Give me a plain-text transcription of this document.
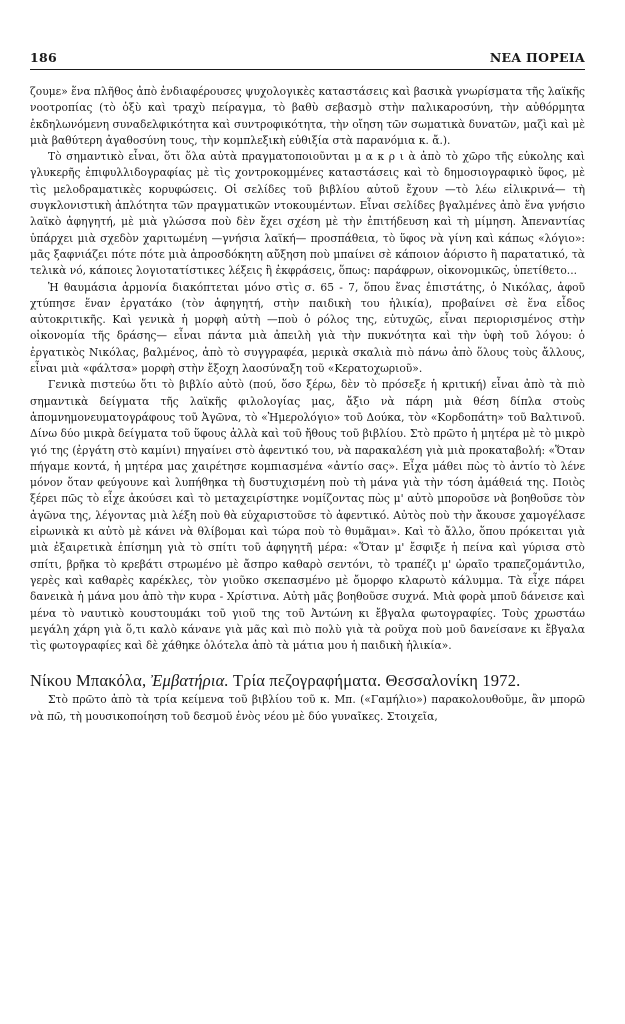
186	ΝΕΑ ΠΟΡΕΙΑ

ζουμε» ἕνα πλῆθος ἀπὸ ἐνδιαφέρουσες ψυχολογικὲς καταστάσεις καὶ βασικὰ γνωρίσματα τῆς λαϊκῆς νοοτροπίας (τὸ ὀξὺ καὶ τραχὺ πείραγμα, τὸ βαθὺ σεβασμὸ στὴν παλικαροσύνη, τὴν αὐθόρμητα ἐκδηλωνόμενη συναδελφικότητα καὶ συντροφικότητα, τὴν οἴηση τῶν σωματικὰ δυνατῶν, μαζὶ καὶ μὲ μιὰ βαθύτερη ἀγαθοσύνη τους, τὴν κομπλεξικὴ εὐθιξία στὰ παρανόμια κ. ἄ.).

Τὸ σημαντικὸ εἶναι, ὅτι ὅλα αὐτὰ πραγματοποιοῦνται μ α κ ρ ι ὰ ἀπὸ τὸ χῶρο τῆς εὐκολης καὶ γλυκερῆς ἐπιφυλλιδογραφίας μὲ τὶς χοντροκομμένες καταστάσεις καὶ τὸ δημοσιογραφικὸ ὕφος, μὲ τὶς μελοδραματικὲς κορυφώσεις. Οἱ σελίδες τοῦ βιβλίου αὐτοῦ ἔχουν —τὸ λέω εἰλικρινά— τὴ συγκλονιστικὴ ἁπλότητα τῶν πραγματικῶν ντοκουμέντων. Εἶναι σελίδες βγαλμένες ἀπὸ ἕνα γνήσιο λαϊκὸ ἀφηγητή, μὲ μιὰ γλώσσα ποὺ δὲν ἔχει σχέση μὲ τὴν ἐπιτήδευση καὶ τὴ μίμηση. Ἀπεναντίας ὑπάρχει μιὰ σχεδὸν χαριτωμένη —γνήσια λαϊκή— προσπάθεια, τὸ ὕφος νὰ γίνη καὶ κάπως «λόγιο»: μᾶς ξαφνιάζει πότε πότε μιὰ ἀπροσδόκητη αὔξηση ποὺ μπαίνει σὲ κάποιον ἀόριστο ἢ παρατατικό, τὰ τελικὰ νό, κάποιες λογιοτατίστικες λέξεις ἢ ἐκφράσεις, ὅπως: παράφρων, οἰκονομικῶς, ὑπετίθετο...

Ἡ θαυμάσια ἁρμονία διακόπτεται μόνο στὶς σ. 65 - 7, ὅπου ἕνας ἐπιστάτης, ὁ Νικόλας, ἀφοῦ χτύπησε ἕναν ἐργατάκο (τὸν ἀφηγητή, στὴν παιδικὴ του ἡλικία), προβαίνει σὲ ἕνα εἶδος αὐτοκριτικῆς. Καὶ γενικὰ ἡ μορφὴ αὐτὴ —ποὺ ὁ ρόλος της, εὐτυχῶς, εἶναι περιορισμένος στὴν οἰκονομία τῆς δράσης— εἶναι πάντα μιὰ ἀπειλὴ γιὰ τὴν πυκνότητα καὶ τὴν ὑφὴ τοῦ λόγου: ὁ ἐργατικὸς Νικόλας, βαλμένος, ἀπὸ τὸ συγγραφέα, μερικὰ σκαλιὰ πιὸ πάνω ἀπὸ ὅλους τοὺς ἄλλους, εἶναι μιὰ «φάλτσα» μορφὴ στὴν ἔξοχη λαοσύναξη τοῦ «Κερατοχωριοῦ».

Γενικὰ πιστεύω ὅτι τὸ βιβλίο αὐτὸ (πού, ὅσο ξέρω, δὲν τὸ πρόσεξε ἡ κριτική) εἶναι ἀπὸ τὰ πιὸ σημαντικὰ δείγματα τῆς λαϊκῆς φιλολογίας μας, ἄξιο νὰ πάρη μιὰ θέση δίπλα στοὺς ἀπομνημονευματογράφους τοῦ Ἀγῶνα, τὸ «Ἡμερολόγιο» τοῦ Δούκα, τὸν «Κορδοπάτη» τοῦ Βαλτινοῦ. Δίνω δύο μικρὰ δείγματα τοῦ ὕφους ἀλλὰ καὶ τοῦ ἤθους τοῦ βιβλίου. Στὸ πρῶτο ἡ μητέρα μὲ τὸ μικρὸ γιό της (ἐργάτη στὸ καμίνι) πηγαίνει στὸ ἀφεντικό του, νὰ παρακαλέση γιὰ μιὰ προκαταβολή: «Ὅταν πήγαμε κοντά, ἡ μητέρα μας χαιρέτησε κομπιασμένα «ἀντίο σας». Εἶχα μάθει πὼς τὸ ἀντίο τὸ λένε μόνον ὅταν φεύγουνε καὶ λυπήθηκα τὴ δυστυχισμένη ποὺ τὴ μάνα γιὰ τὴν τόση ἀμάθειά της. Ποιὸς ξέρει πῶς τὸ εἶχε ἀκούσει καὶ τὸ μεταχειρίστηκε νομίζοντας πὼς μ' αὐτὸ μποροῦσε νὰ βοηθοῦσε τὸν ἀγῶνα της, λέγοντας μιὰ λέξη ποὺ θὰ εὐχαριστοῦσε τὸ ἀφεντικό. Αὐτὸς ποὺ τὴν ἄκουσε χαμογέλασε εἰρωνικὰ κι αὐτὸ μὲ κάνει νὰ θλίβομαι καὶ τώρα ποὺ τὸ θυμᾶμαι». Καὶ τὸ ἄλλο, ὅπου πρόκειται γιὰ μιὰ ἐξαιρετικὰ ἐπίσημη γιὰ τὸ σπίτι τοῦ ἀφηγητῆ μέρα: «Ὅταν μ' ἔσφιξε ἡ πείνα καὶ γύρισα στὸ σπίτι, βρῆκα τὸ κρεβάτι στρωμένο μὲ ἄσπρο καθαρὸ σεντόνι, τὸ τραπέζι μ' ὡραῖο τραπεζομάντιλο, γερὲς καὶ καθαρὲς καρέκλες, τὸν γιοῦκο σκεπασμένο μὲ ὄμορφο κλαρωτὸ κάλυμμα. Τὰ εἶχε πάρει δανεικὰ ἡ μάνα μου ἀπὸ τὴν κυρα - Χρίστινα. Αὐτὴ μᾶς βοηθοῦσε συχνά. Μιὰ φορὰ μποῦ δάνεισε καὶ μένα τὸ ναυτικὸ κουστουμάκι τοῦ γιοῦ της τοῦ Ἀντώνη κι ἔβγαλα φωτογραφίες. Τοὺς χρωστάω μεγάλη χάρη γιὰ ὅ,τι καλὸ κάνανε γιὰ μᾶς καὶ πιὸ πολὺ γιὰ τὰ ροῦχα ποὺ μοῦ δανείσανε κι ἔβγαλα τὶς φωτογραφίες καὶ δὲ χάθηκε ὁλότελα ἀπὸ τὰ μάτια μου ἡ παιδικὴ ἡλικία».

Νίκου Μπακόλα, Ἐμβατήρια. Τρία πεζογραφήματα. Θεσσαλονίκη 1972.

Στὸ πρῶτο ἀπὸ τὰ τρία κείμενα τοῦ βιβλίου τοῦ κ. Μπ. («Γαμήλιο») παρακολουθοῦμε, ἂν μπορῶ νὰ πῶ, τὴ μουσικοποίηση τοῦ δεσμοῦ ἑνὸς νέου μὲ δύο γυναῖκες. Στοιχεῖα,
